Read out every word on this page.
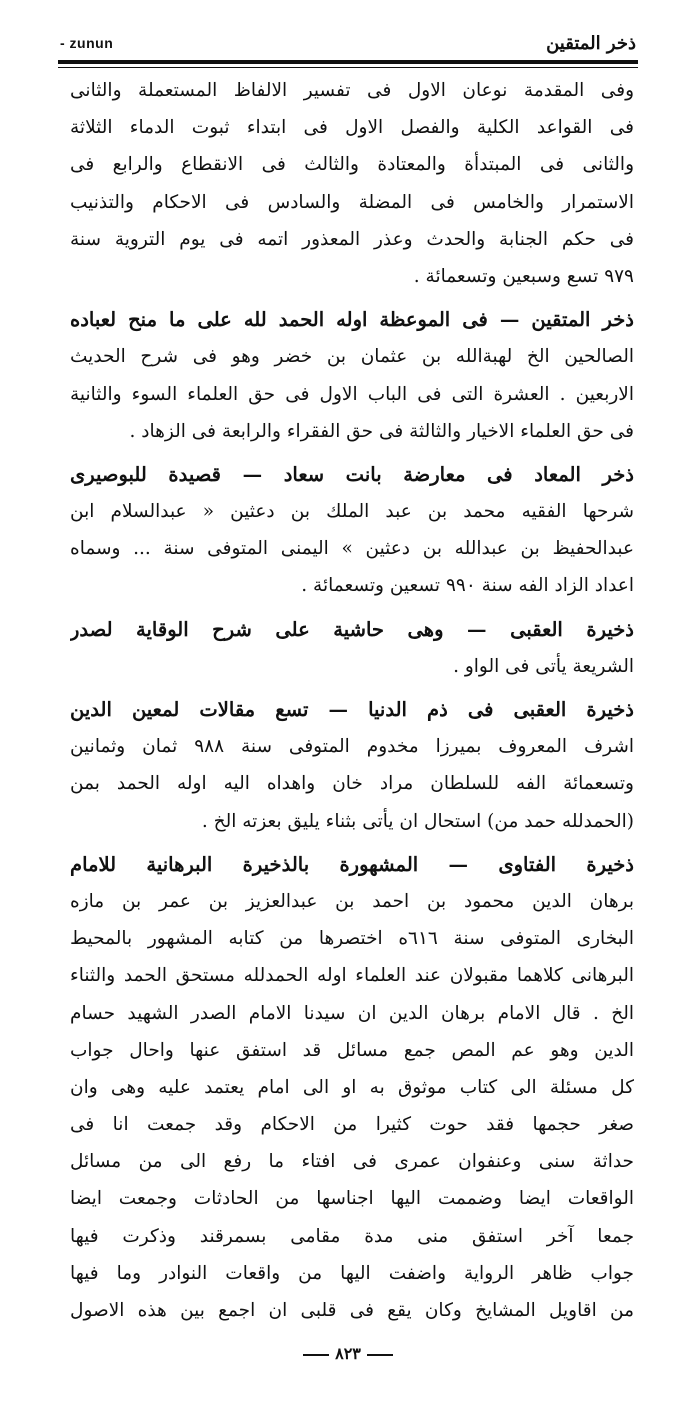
- zunun	ذخر المتقين
وفى المقدمة نوعان الاول فى تفسير الالفاظ المستعملة والثانى
فى القواعد الكلية والفصل الاول فى ابتداء ثبوت الدماء الثلاثة
والثانى فى المبتدأة والمعتادة والثالث فى الانقطاع والرابع فى
الاستمرار والخامس فى المضلة والسادس فى الاحكام والتذنيب
فى حكم الجنابة والحدث وعذر المعذور اتمه فى يوم التروية سنة
٩٧٩ تسع وسبعين وتسعمائة .
ذخر المتقين — فى الموعظة اوله الحمد لله على ما منح لعباده
الصالحين الخ لهبةالله بن عثمان بن خضر وهو فى شرح الحديث
الاربعين . العشرة التى فى الباب الاول فى حق العلماء السوء والثانية
فى حق العلماء الاخيار والثالثة فى حق الفقراء والرابعة فى الزهاد .
ذخر المعاد فى معارضة بانت سعاد — قصيدة للبوصيرى
شرحها الفقيه محمد بن عبد الملك بن دعثين « عبدالسلام ابن
عبدالحفيظ بن عبدالله بن دعثين » اليمنى المتوفى سنة ... وسماه
اعداد الزاد الفه سنة ٩٩٠ تسعين وتسعمائة .
ذخيرة العقبى — وهى حاشية على شرح الوقاية لصدر
الشريعة يأتى فى الواو .
ذخيرة العقبى فى ذم الدنيا — تسع مقالات لمعين الدين
اشرف المعروف بميرزا مخدوم المتوفى سنة ٩٨٨ ثمان وثمانين
وتسعمائة الفه للسلطان مراد خان واهداه اليه اوله الحمد بمن
(الحمدلله حمد من) استحال ان يأتى بثناء يليق بعزته الخ .
ذخيرة الفتاوى — المشهورة بالذخيرة البرهانية للامام
برهان الدين محمود بن احمد بن عبدالعزيز بن عمر بن مازه
البخارى المتوفى سنة ٦١٦ه اختصرها من كتابه المشهور بالمحيط
البرهانى كلاهما مقبولان عند العلماء اوله الحمدلله مستحق الحمد والثناء
الخ . قال الامام برهان الدين ان سيدنا الامام الصدر الشهيد حسام
الدين وهو عم المص جمع مسائل قد استفق عنها واحال جواب
كل مسئلة الى كتاب موثوق به او الى امام يعتمد عليه وهى وان
صغر حجمها فقد حوت كثيرا من الاحكام وقد جمعت انا فى
حداثة سنى وعنفوان عمرى فى افتاء ما رفع الى من مسائل
الواقعات ايضا وضممت اليها اجناسها من الحادثات وجمعت ايضا
جمعا آخر استفق منى مدة مقامى بسمرقند وذكرت فيها
جواب ظاهر الرواية واضفت اليها من واقعات النوادر وما فيها
من اقاويل المشايخ وكان يقع فى قلبى ان اجمع بين هذه الاصول
٨٢٣
